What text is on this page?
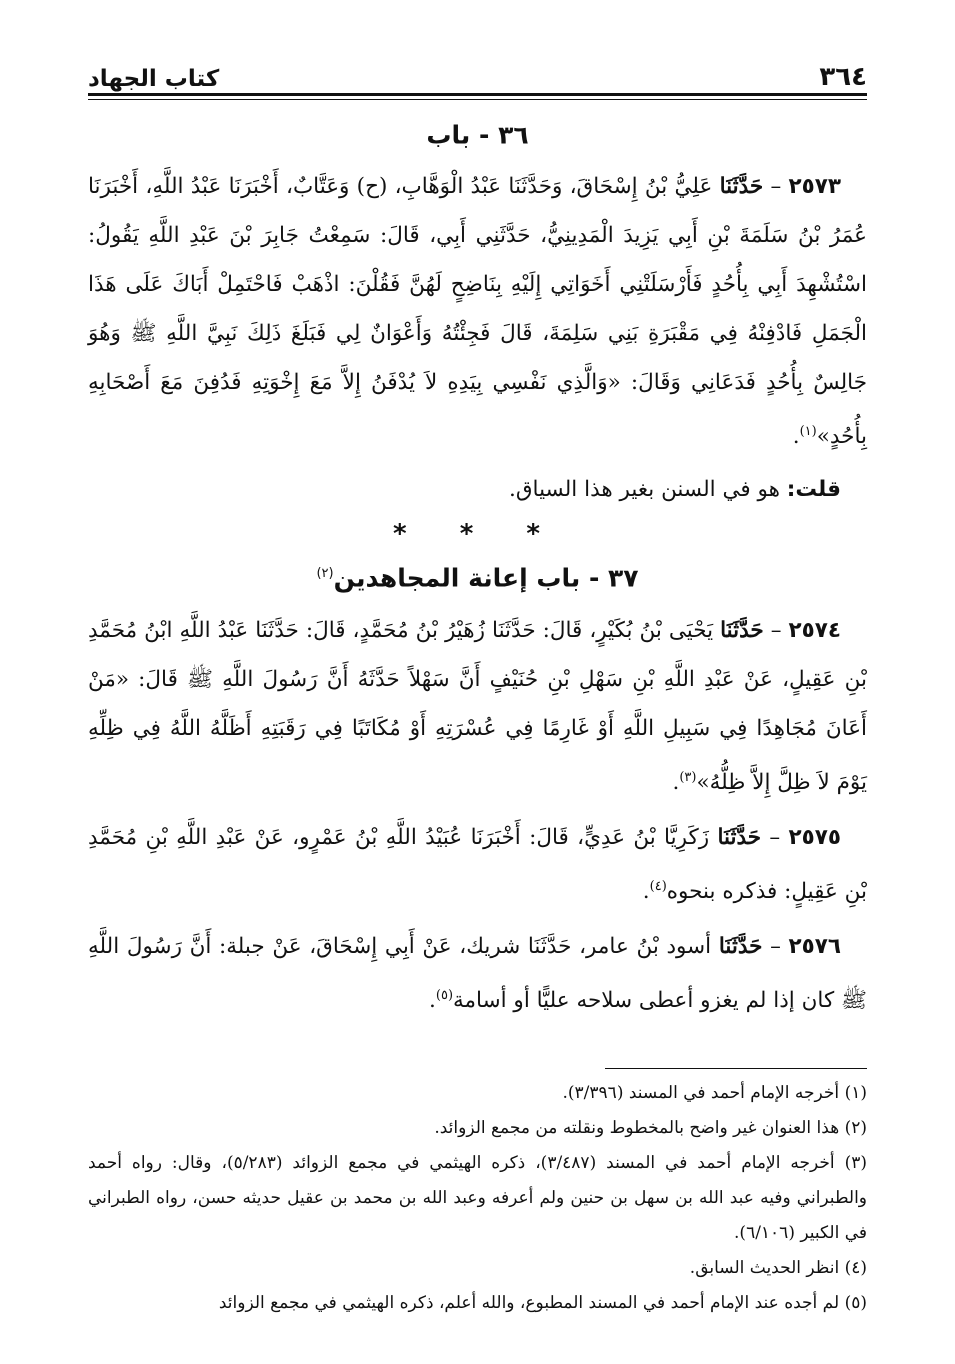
٣٦٤
كتاب الجهاد
٣٦ - باب

٢٥٧٣ – حَدَّثَنَا عَلِيُّ بْنُ إِسْحَاقَ، وَحَدَّثَنَا عَبْدُ الْوَهَّابِ، (ح) وَعَتَّابٌ، أَخْبَرَنَا عَبْدُ اللَّهِ، أَخْبَرَنَا عُمَرُ بْنُ سَلَمَةَ بْنِ أَبِي يَزِيدَ الْمَدِينِيُّ، حَدَّثَنِي أَبِي، قَالَ: سَمِعْتُ جَابِرَ بْنَ عَبْدِ اللَّهِ يَقُولُ: اسْتُشْهِدَ أَبِي بِأُحُدٍ فَأَرْسَلَتْنِي أَخَوَاتِي إِلَيْهِ بِنَاضِحٍ لَهُنَّ فَقُلْنَ: اذْهَبْ فَاحْتَمِلْ أَبَاكَ عَلَى هَذَا الْجَمَلِ فَادْفِنْهُ فِي مَقْبَرَةِ بَنِي سَلِمَةَ، قَالَ فَجِئْتُهُ وَأَعْوَانٌ لِي فَبَلَغَ ذَلِكَ نَبِيَّ اللَّهِ ﷺ وَهُوَ جَالِسٌ بِأُحُدٍ فَدَعَانِي وَقَالَ: «وَالَّذِي نَفْسِي بِيَدِهِ لاَ يُدْفَنُ إِلاَّ مَعَ إِخْوَتِهِ فَدُفِنَ مَعَ أَصْحَابِهِ بِأُحُدٍ»$^{(١)}$.

قلت: هو في السنن بغير هذا السياق.

* * *
٣٧ - باب إعانة المجاهدين$^{(٢)}$

٢٥٧٤ – حَدَّثَنَا يَحْيَى بْنُ بُكَيْرٍ، قَالَ: حَدَّثَنَا زُهَيْرُ بْنُ مُحَمَّدٍ، قَالَ: حَدَّثَنَا عَبْدُ اللَّهِ ابْنُ مُحَمَّدِ بْنِ عَقِيلٍ، عَنْ عَبْدِ اللَّهِ بْنِ سَهْلِ بْنِ حُنَيْفٍ أَنَّ سَهْلاً حَدَّثَهُ أَنَّ رَسُولَ اللَّهِ ﷺ قَالَ: «مَنْ أَعَانَ مُجَاهِدًا فِي سَبِيلِ اللَّهِ أَوْ غَارِمًا فِي عُسْرَتِهِ أَوْ مُكَاتَبًا فِي رَقَبَتِهِ أَظَلَّهُ اللَّهُ فِي ظِلِّهِ يَوْمَ لاَ ظِلَّ إِلاَّ ظِلُّهُ»$^{(٣)}$.

٢٥٧٥ – حَدَّثَنَا زَكَرِيَّا بْنُ عَدِيٍّ، قَالَ: أَخْبَرَنَا عُبَيْدُ اللَّهِ بْنُ عَمْرٍو، عَنْ عَبْدِ اللَّهِ بْنِ مُحَمَّدِ بْنِ عَقِيلٍ: فذكره بنحوه$^{(٤)}$.

٢٥٧٦ – حَدَّثَنَا أسود بْنُ عامر، حَدَّثَنَا شريك، عَنْ أَبِي إِسْحَاقَ، عَنْ جبلة: أَنَّ رَسُولَ اللَّهِ ﷺ كان إذا لم يغزو أعطى سلاحه عليًّا أو أسامة$^{(٥)}$.

(١) أخرجه الإمام أحمد في المسند (٣/٣٩٦).

(٢) هذا العنوان غير واضح بالمخطوط ونقلته من مجمع الزوائد.

(٣) أخرجه الإمام أحمد في المسند (٣/٤٨٧)، ذكره الهيثمي في مجمع الزوائد (٥/٢٨٣)، وقال: رواه أحمد والطبراني وفيه عبد الله بن سهل بن حنين ولم أعرفه وعبد الله بن محمد بن عقيل حديثه حسن، رواه الطبراني في الكبير (٦/١٠٦).

(٤) انظر الحديث السابق.

(٥) لم أجده عند الإمام أحمد في المسند المطبوع، والله أعلم، ذكره الهيثمي في مجمع الزوائد
